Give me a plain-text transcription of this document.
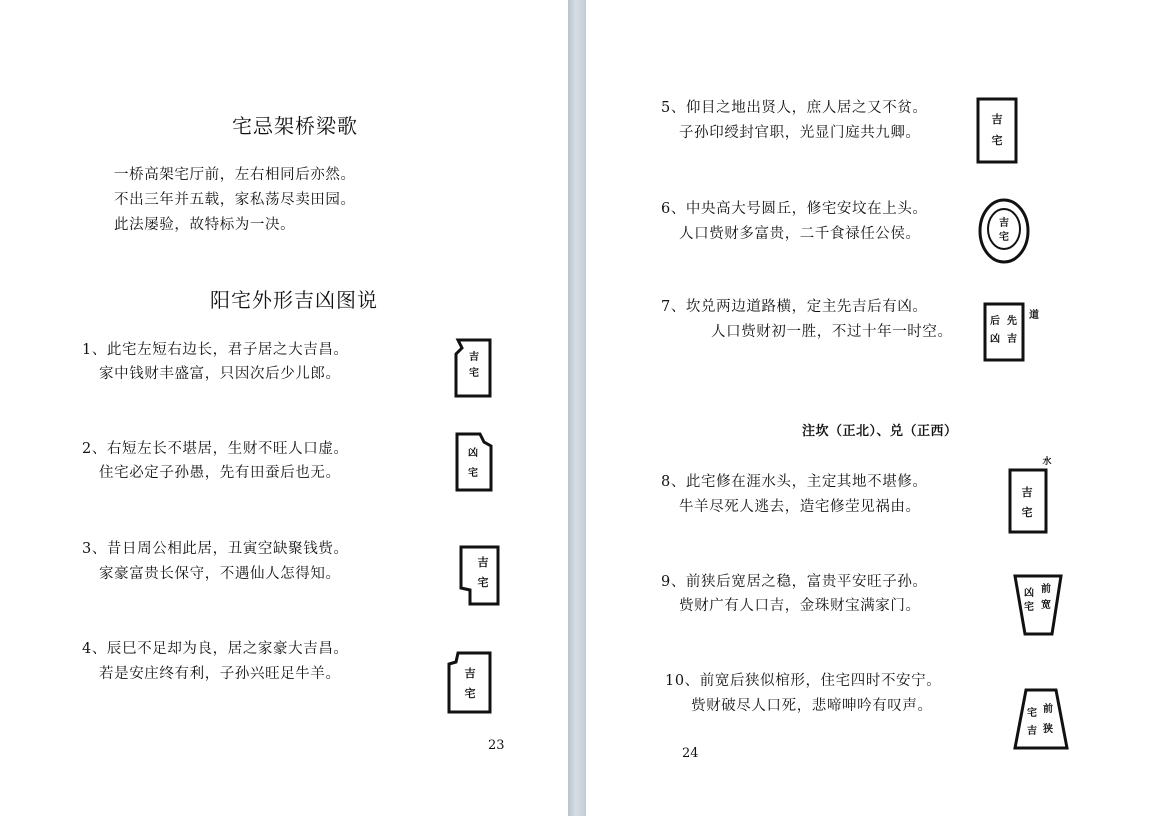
宅忌架桥梁歌
一桥高架宅厅前，左右相同后亦然。
不出三年并五载，家私荡尽卖田园。
此法屡验，故特标为一决。
阳宅外形吉凶图说
1、此宅左短右边长，君子居之大吉昌。
家中钱财丰盛富，只因次后少儿郎。
吉
宅
2、右短左长不堪居，生财不旺人口虚。
住宅必定子孙愚，先有田蚕后也无。
凶
宅
3、昔日周公相此居，丑寅空缺聚钱赀。
家豪富贵长保守，不遇仙人怎得知。
吉
宅
4、辰巳不足却为良，居之家豪大吉昌。
若是安庄终有利，子孙兴旺足牛羊。	吉
宅
23
5、仰目之地出贤人，庶人居之又不贫。
子孙印绶封官职，光显门庭共九卿。
吉
宅
6、中央高大号圆丘，修宅安坟在上头。
人口赀财多富贵，二千食禄任公侯。
吉
宅
7、坎兑两边道路横，定主先吉后有凶。
人口赀财初一胜，不过十年一时空。
后
凶
先
吉
道
注坎（正北）、兑（正西）
8、此宅修在涯水头，主定其地不堪修。
牛羊尽死人逃去，造宅修茔见祸由。
吉
宅
水
9、前狭后宽居之稳，富贵平安旺子孙。
赀财广有人口吉，金珠财宝满家门。
凶
宅
前
宽
10、前宽后狭似棺形，住宅四时不安宁。
赀财破尽人口死，悲啼呻吟有叹声。	宅 前
吉 狭
24
